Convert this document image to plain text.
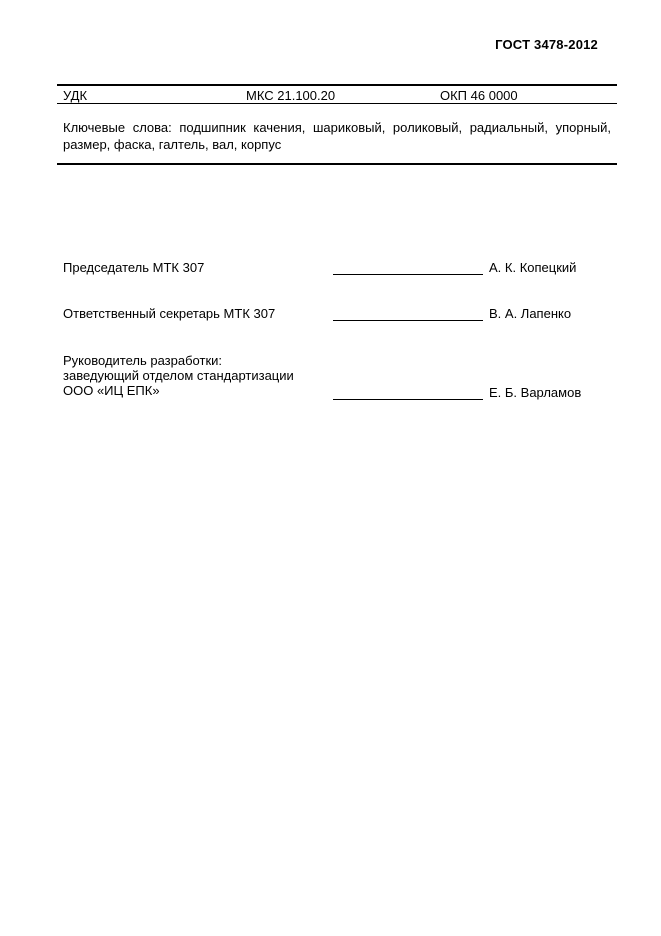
ГОСТ 3478-2012
УДК	МКС 21.100.20	ОКП 46 0000
Ключевые слова: подшипник качения, шариковый, роликовый, радиальный, упорный, размер, фаска, галтель, вал, корпус
Председатель МТК 307	А. К. Копецкий
Ответственный секретарь МТК 307	В. А. Лапенко
Руководитель разработки:
заведующий отделом стандартизации
ООО «ИЦ ЕПК»	Е. Б. Варламов
